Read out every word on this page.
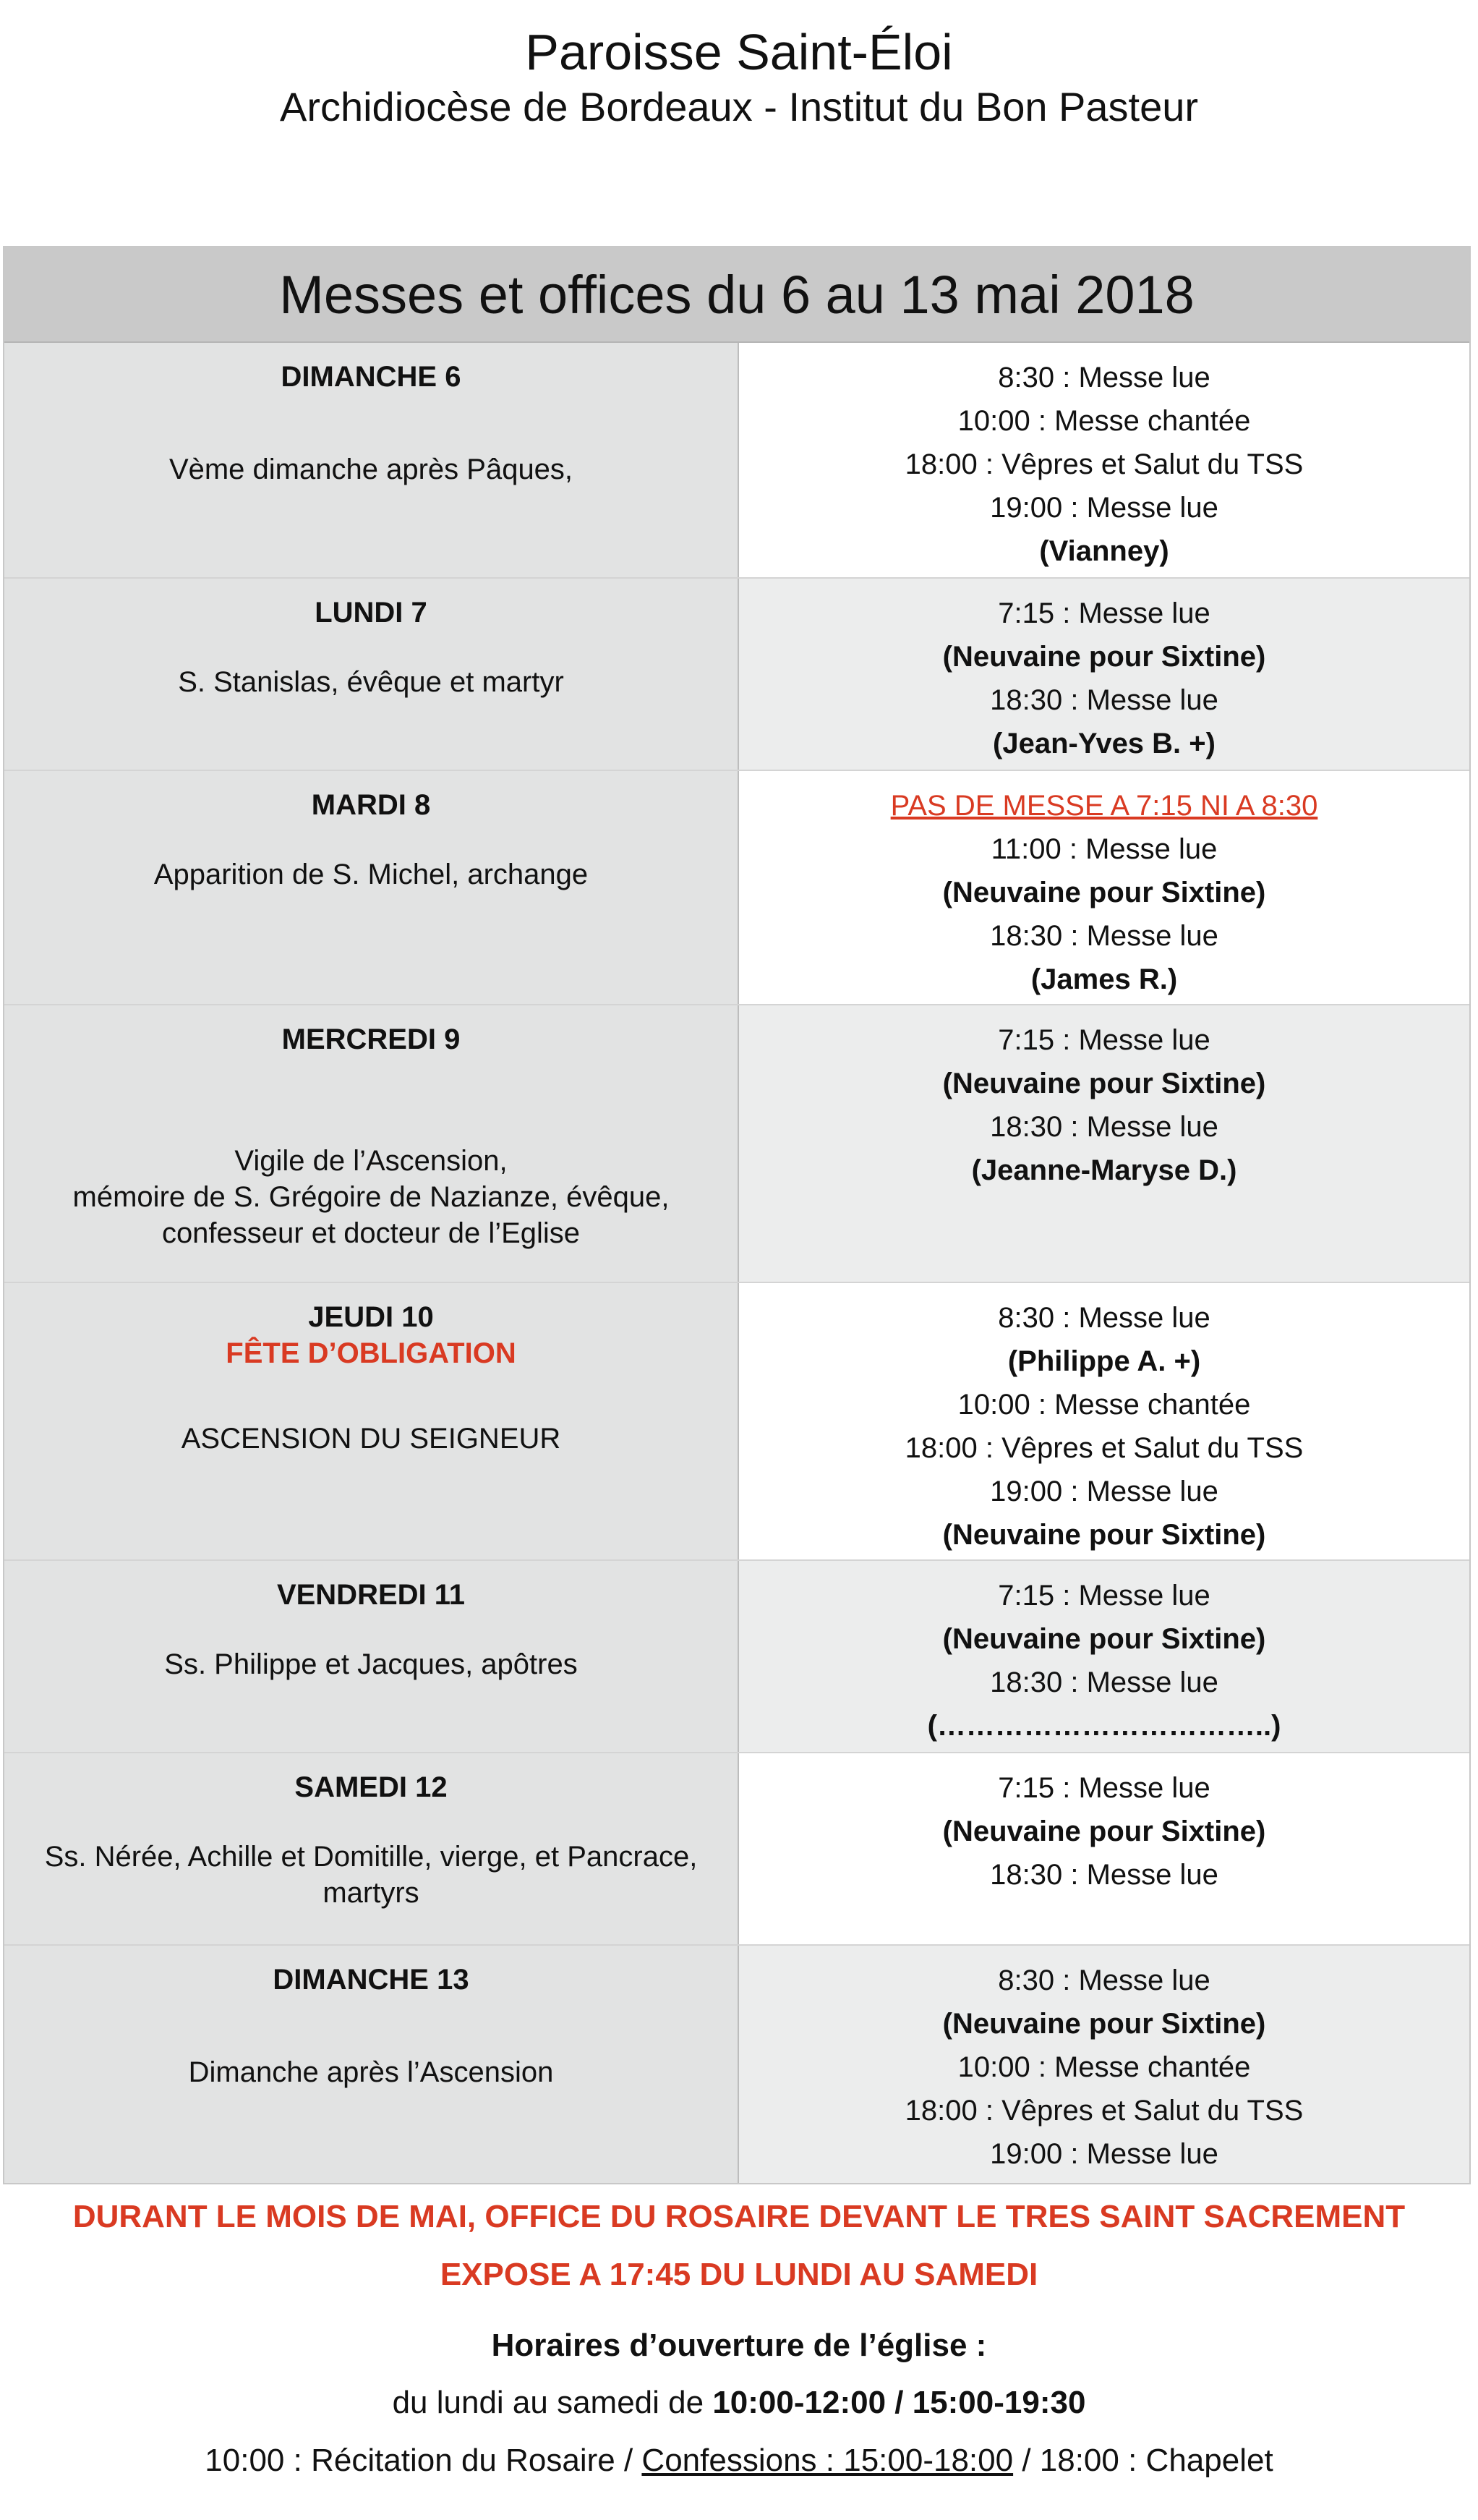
Paroisse Saint-Éloi
Archidiocèse de Bordeaux - Institut du Bon Pasteur
Messes et offices du 6 au 13 mai 2018
DIMANCHE 6
Vème dimanche après Pâques,
8:30 : Messe lue
10:00 : Messe chantée
18:00 : Vêpres et Salut du TSS
19:00 : Messe lue
(Vianney)
LUNDI 7
S. Stanislas, évêque et martyr
7:15 : Messe lue
(Neuvaine pour Sixtine)
18:30 : Messe lue
(Jean-Yves B. +)
MARDI 8
Apparition de S. Michel, archange
PAS DE MESSE A 7:15 NI A 8:30
11:00 : Messe lue
(Neuvaine pour Sixtine)
18:30 : Messe lue
(James R.)
MERCREDI 9
Vigile de l’Ascension,
mémoire de S. Grégoire de Nazianze, évêque,
confesseur et docteur de l’Eglise
7:15 : Messe lue
(Neuvaine pour Sixtine)
18:30 : Messe lue
(Jeanne-Maryse D.)
JEUDI 10
FÊTE D’OBLIGATION
ASCENSION DU SEIGNEUR
8:30 : Messe lue
(Philippe A. +)
10:00 : Messe chantée
18:00 : Vêpres et Salut du TSS
19:00 : Messe lue
(Neuvaine pour Sixtine)
VENDREDI 11
Ss. Philippe et Jacques, apôtres
7:15 : Messe lue
(Neuvaine pour Sixtine)
18:30 : Messe lue
(……………………………..)
SAMEDI 12
Ss. Nérée, Achille et Domitille, vierge, et Pancrace,
martyrs
7:15 : Messe lue
(Neuvaine pour Sixtine)
18:30 : Messe lue
DIMANCHE 13
Dimanche après l’Ascension
8:30 : Messe lue
(Neuvaine pour Sixtine)
10:00 : Messe chantée
18:00 : Vêpres et Salut du TSS
19:00 : Messe lue
DURANT LE MOIS DE MAI, OFFICE DU ROSAIRE DEVANT LE TRES SAINT SACREMENT
EXPOSE A 17:45 DU LUNDI AU SAMEDI
Horaires d’ouverture de l’église :
du lundi au samedi de 10:00-12:00 / 15:00-19:30
10:00 : Récitation du Rosaire / Confessions : 15:00-18:00 / 18:00 : Chapelet
